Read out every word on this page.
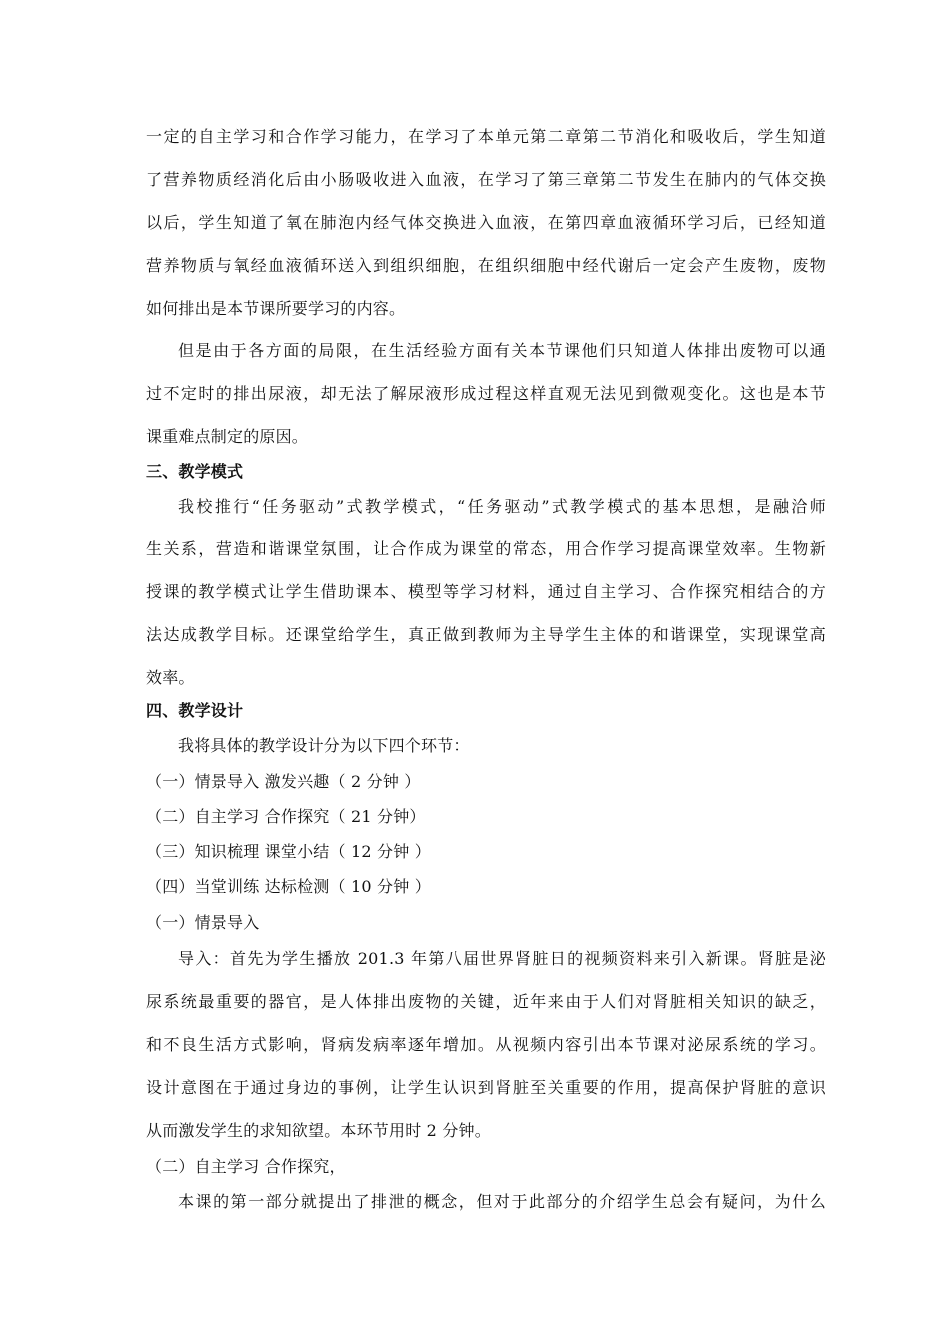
一定的自主学习和合作学习能力，在学习了本单元第二章第二节消化和吸收后，学生知道
了营养物质经消化后由小肠吸收进入血液，在学习了第三章第二节发生在肺内的气体交换
以后，学生知道了氧在肺泡内经气体交换进入血液，在第四章血液循环学习后，已经知道
营养物质与氧经血液循环送入到组织细胞，在组织细胞中经代谢后一定会产生废物，废物
如何排出是本节课所要学习的内容。
但是由于各方面的局限，在生活经验方面有关本节课他们只知道人体排出废物可以通
过不定时的排出尿液，却无法了解尿液形成过程这样直观无法见到微观变化。这也是本节
课重难点制定的原因。
三、教学模式
我校推行“任务驱动”式教学模式，“任务驱动”式教学模式的基本思想，是融洽师
生关系，营造和谐课堂氛围，让合作成为课堂的常态，用合作学习提高课堂效率。生物新
授课的教学模式让学生借助课本、模型等学习材料，通过自主学习、合作探究相结合的方
法达成教学目标。还课堂给学生，真正做到教师为主导学生主体的和谐课堂，实现课堂高
效率。
四、教学设计
我将具体的教学设计分为以下四个环节：
（一）情景导入 激发兴趣（ 2 分钟 ）
（二）自主学习 合作探究（ 21 分钟）
（三）知识梳理 课堂小结（ 12 分钟 ）
（四）当堂训练 达标检测（ 10 分钟 ）
（一）情景导入
导入：首先为学生播放 201.3 年第八届世界肾脏日的视频资料来引入新课。肾脏是泌
尿系统最重要的器官，是人体排出废物的关键，近年来由于人们对肾脏相关知识的缺乏，
和不良生活方式影响，肾病发病率逐年增加。从视频内容引出本节课对泌尿系统的学习。
设计意图在于通过身边的事例，让学生认识到肾脏至关重要的作用，提高保护肾脏的意识
从而激发学生的求知欲望。本环节用时 2 分钟。
（二）自主学习 合作探究，
本课的第一部分就提出了排泄的概念，但对于此部分的介绍学生总会有疑问，为什么
